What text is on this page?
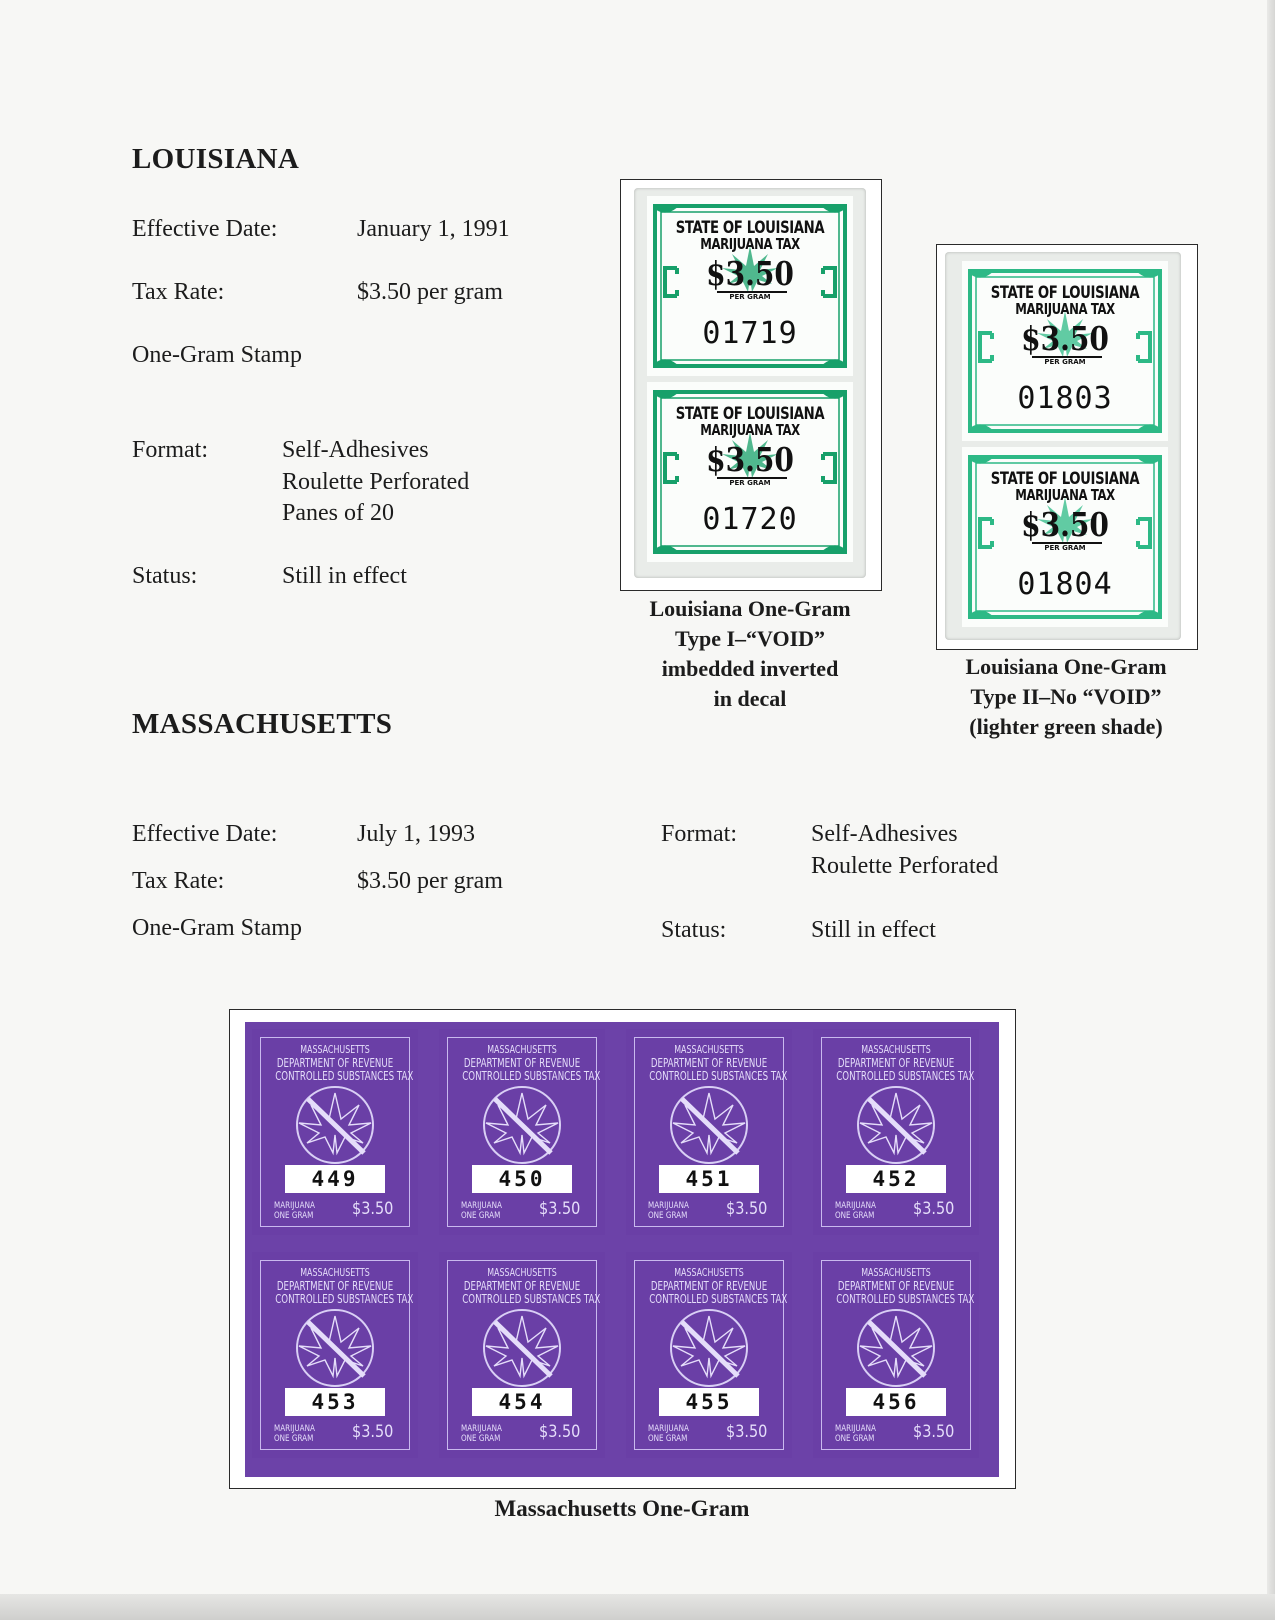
LOUISIANA
Effective Date:	January 1, 1991
Tax Rate:	$3.50 per gram
One-Gram Stamp
Format:	Self-Adhesives
Roulette Perforated
Panes of 20
Status:	Still in effect
STATE OF LOUISIANA
MARIJUANA TAX
$3.50
PER GRAM
01719
STATE OF LOUISIANA
MARIJUANA TAX
$3.50
PER GRAM
01720
STATE OF LOUISIANA
MARIJUANA TAX
$3.50
PER GRAM
01803
STATE OF LOUISIANA
MARIJUANA TAX
$3.50
PER GRAM
01804
Louisiana One-Gram
Type I–“VOID”
imbedded inverted
in decal
Louisiana One-Gram
Type II–No “VOID”
(lighter green shade)
MASSACHUSETTS
Effective Date:	July 1, 1993
Tax Rate:	$3.50 per gram
One-Gram Stamp
Format:	Self-Adhesives
Roulette Perforated
Status:	Still in effect
MASSACHUSETTS
DEPARTMENT OF REVENUE
CONTROLLED SUBSTANCES TAX
449
MARIJUANA
ONE GRAM $3.50
MASSACHUSETTS
DEPARTMENT OF REVENUE
CONTROLLED SUBSTANCES TAX
450
MARIJUANA
ONE GRAM $3.50
MASSACHUSETTS
DEPARTMENT OF REVENUE
CONTROLLED SUBSTANCES TAX
451
MARIJUANA
ONE GRAM $3.50
MASSACHUSETTS
DEPARTMENT OF REVENUE
CONTROLLED SUBSTANCES TAX
452
MARIJUANA
ONE GRAM $3.50
MASSACHUSETTS
DEPARTMENT OF REVENUE
CONTROLLED SUBSTANCES TAX
453
MARIJUANA
ONE GRAM $3.50
MASSACHUSETTS
DEPARTMENT OF REVENUE
CONTROLLED SUBSTANCES TAX
454
MARIJUANA
ONE GRAM $3.50
MASSACHUSETTS
DEPARTMENT OF REVENUE
CONTROLLED SUBSTANCES TAX
455
MARIJUANA
ONE GRAM $3.50
MASSACHUSETTS
DEPARTMENT OF REVENUE
CONTROLLED SUBSTANCES TAX
456
MARIJUANA
ONE GRAM $3.50
Massachusetts One-Gram
